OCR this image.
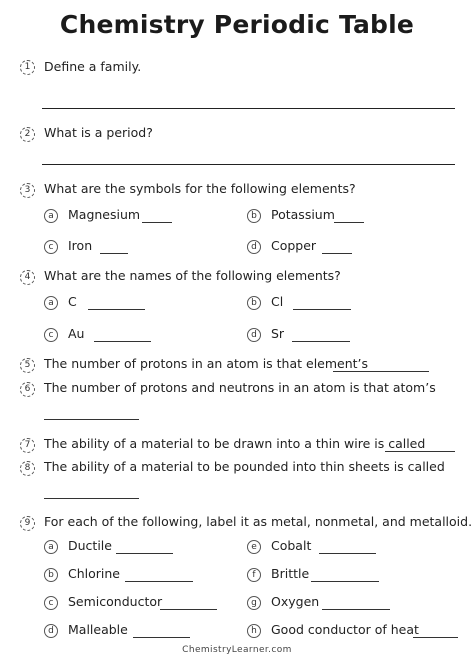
Chemistry Periodic Table
1	Define a family.
2	What is a period?
3	What are the symbols for the following elements?
a	Magnesium	b	Potassium
c	Iron	d	Copper
4	What are the names of the following elements?
a	C	b	Cl
c	Au	d	Sr
5	The number of protons in an atom is that element’s
6	The number of protons and neutrons in an atom is that atom’s
7	The ability of a material to be drawn into a thin wire is called
8	The ability of a material to be pounded into thin sheets is called
9	For each of the following, label it as metal, nonmetal, and metalloid.
a	Ductile	e	Cobalt
b	Chlorine	f	Brittle
c	Semiconductor	g	Oxygen
d	Malleable	h	Good conductor of heat
ChemistryLearner.com
